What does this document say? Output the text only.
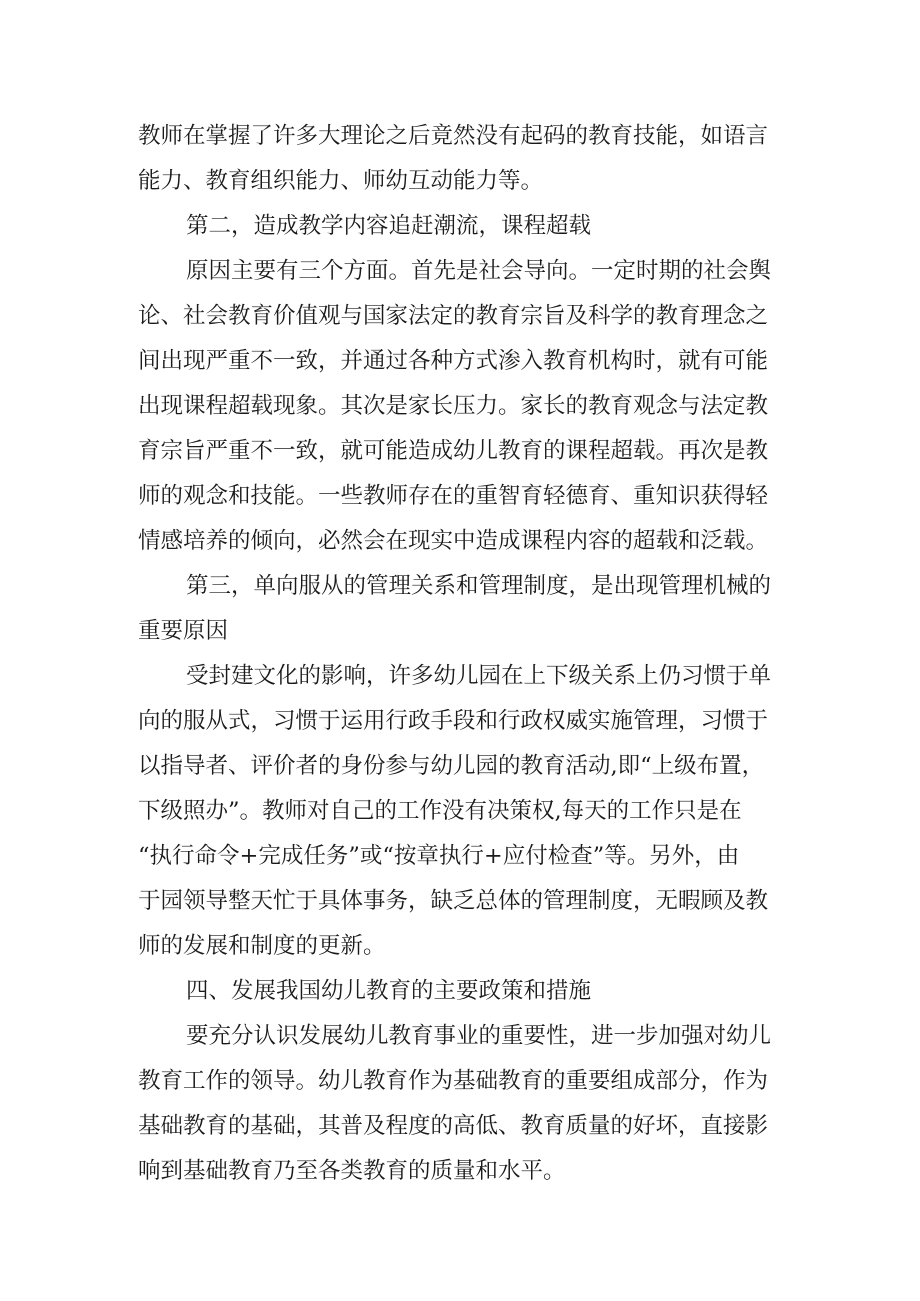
教师在掌握了许多大理论之后竟然没有起码的教育技能，如语言
能力、教育组织能力、师幼互动能力等。
第二，造成教学内容追赶潮流，课程超载
原因主要有三个方面。首先是社会导向。一定时期的社会舆
论、社会教育价值观与国家法定的教育宗旨及科学的教育理念之
间出现严重不一致，并通过各种方式渗入教育机构时，就有可能
出现课程超载现象。其次是家长压力。家长的教育观念与法定教
育宗旨严重不一致，就可能造成幼儿教育的课程超载。再次是教
师的观念和技能。一些教师存在的重智育轻德育、重知识获得轻
情感培养的倾向，必然会在现实中造成课程内容的超载和泛载。
第三，单向服从的管理关系和管理制度，是出现管理机械的
重要原因
受封建文化的影响，许多幼儿园在上下级关系上仍习惯于单
向的服从式，习惯于运用行政手段和行政权威实施管理，习惯于
以指导者、评价者的身份参与幼儿园的教育活动,即“上级布置，
下级照办”。教师对自己的工作没有决策权,每天的工作只是在
“执行命令+完成任务”或“按章执行+应付检查”等。另外，由
于园领导整天忙于具体事务，缺乏总体的管理制度，无暇顾及教
师的发展和制度的更新。
四、发展我国幼儿教育的主要政策和措施
要充分认识发展幼儿教育事业的重要性，进一步加强对幼儿
教育工作的领导。幼儿教育作为基础教育的重要组成部分，作为
基础教育的基础，其普及程度的高低、教育质量的好坏，直接影
响到基础教育乃至各类教育的质量和水平。
